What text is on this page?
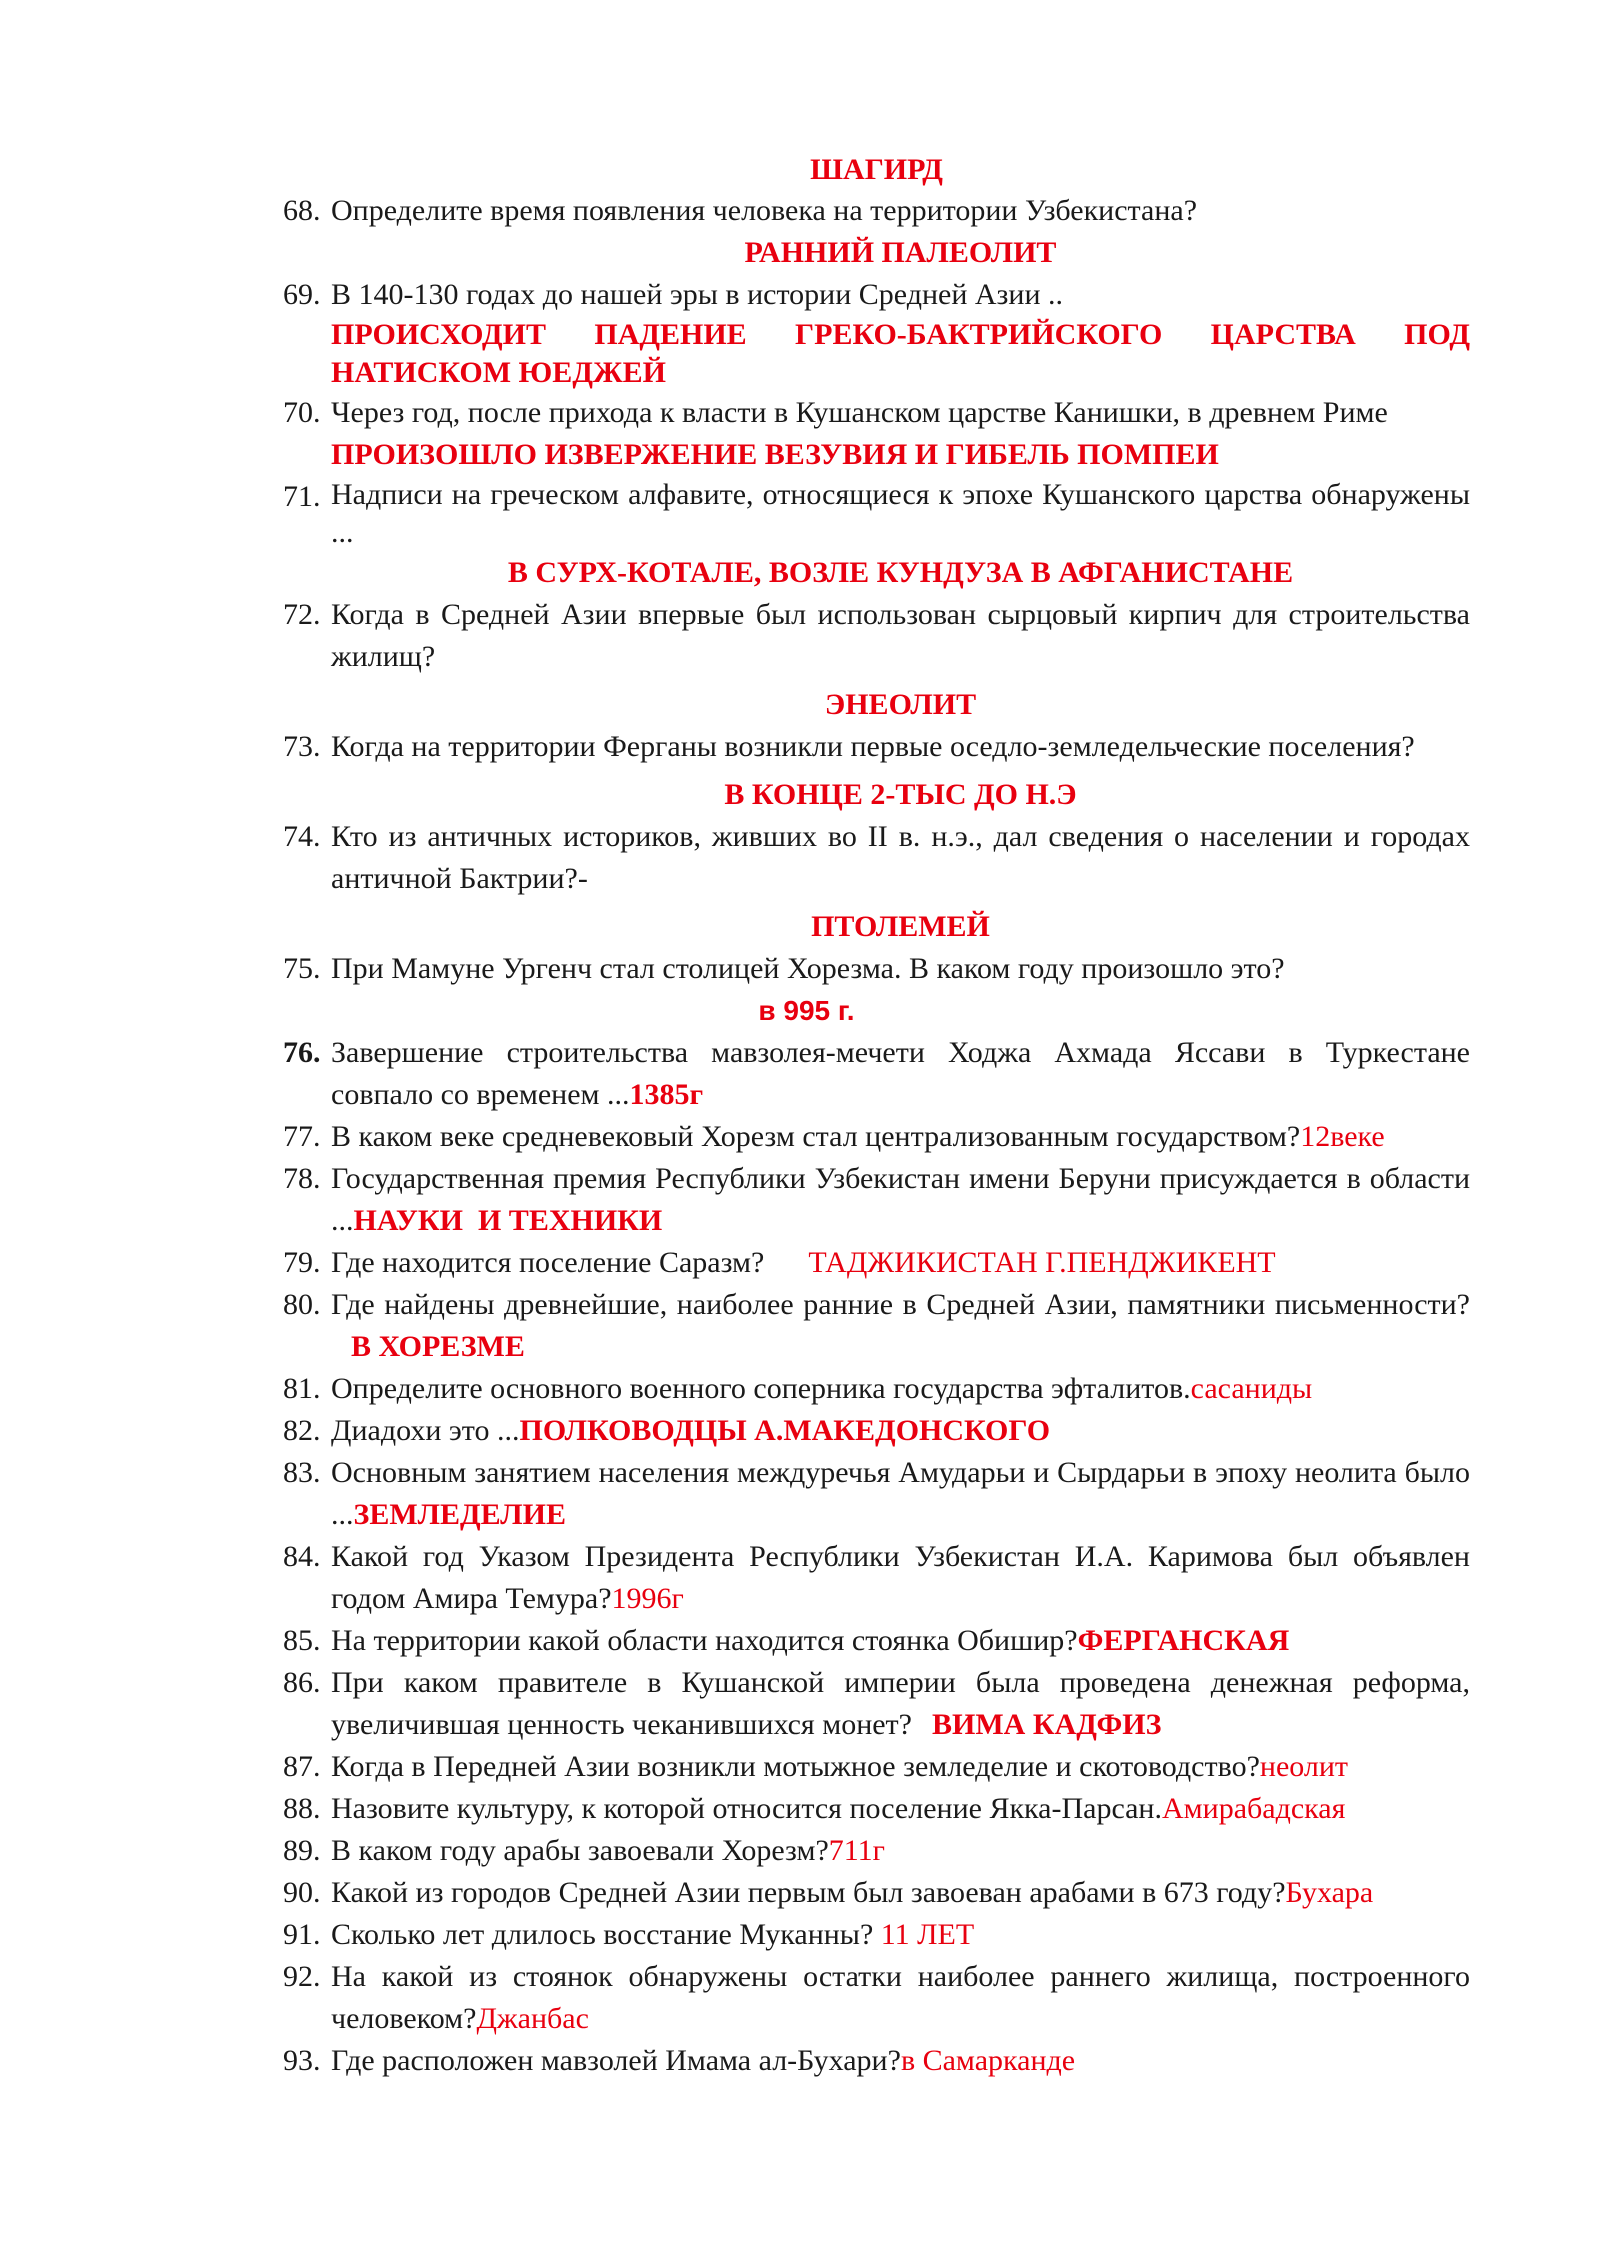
ШАГИРД
68. Определите время появления человека на территории Узбекистана?
РАННИЙ ПАЛЕОЛИТ
69. В 140-130 годах до нашей эры в истории Средней Азии ..

ПРОИСХОДИТ ПАДЕНИЕ ГРЕКО-БАКТРИЙСКОГО ЦАРСТВА ПОД НАТИСКОМ ЮЕДЖЕЙ
70. Через год, после прихода к власти в Кушанском царстве Канишки, в древнем Риме
ПРОИЗОШЛО ИЗВЕРЖЕНИЕ ВЕЗУВИЯ И ГИБЕЛЬ ПОМПЕИ
71. Надписи на греческом алфавите, относящиеся к эпохе Кушанского царства обнаружены ...
В СУРХ-КОТАЛЕ, ВОЗЛЕ КУНДУЗА В АФГАНИСТАНЕ
72. Когда в Средней Азии впервые был использован сырцовый кирпич для строительства жилищ?
ЭНЕОЛИТ
73. Когда на территории Ферганы возникли первые оседло-земледельческие поселения?
В КОНЦЕ 2-ТЫС ДО Н.Э
74. Кто из античных историков, живших во II в. н.э., дал сведения о населении и городах античной Бактрии?-
ПТОЛЕМЕЙ
75. При Мамуне Ургенч стал столицей Хорезма. В каком году произошло это?
в 995 г.
76. Завершение строительства мавзолея-мечети Ходжа Ахмада Яссави в Туркестане совпало со временем ...1385г
77. В каком веке средневековый Хорезм стал централизованным государством?12веке
78. Государственная премия Республики Узбекистан имени Беруни присуждается в области ...НАУКИ  И ТЕХНИКИ
79. Где находится поселение Саразм? ТАДЖИКИСТАН Г.ПЕНДЖИКЕНТ
80. Где найдены древнейшие, наиболее ранние в Средней Азии, памятники письменности?В ХОРЕЗМЕ
81. Определите основного военного соперника государства эфталитов.сасаниды
82. Диадохи это ...ПОЛКОВОДЦЫ А.МАКЕДОНСКОГО
83. Основным занятием населения междуречья Амударьи и Сырдарьи в эпоху неолита было ...ЗЕМЛЕДЕЛИЕ
84. Какой год Указом Президента Республики Узбекистан И.А. Каримова был объявлен годом Амира Темура?1996г
85. На территории какой области находится стоянка Обишир?ФЕРГАНСКАЯ
86. При каком правителе в Кушанской империи была проведена денежная реформа, увеличившая ценность чеканившихся монет? ВИМА КАДФИЗ
87. Когда в Передней Азии возникли мотыжное земледелие и скотоводство?неолит
88. Назовите культуру, к которой относится поселение Якка-Парсан.Амирабадская
89. В каком году арабы завоевали Хорезм?711г
90. Какой из городов Средней Азии первым был завоеван арабами в 673 году?Бухара
91. Сколько лет длилось восстание Муканны? 11 ЛЕТ
92. На какой из стоянок обнаружены остатки наиболее раннего жилища, построенного человеком?Джанбас
93. Где расположен мавзолей Имама ал-Бухари?в Самарканде
